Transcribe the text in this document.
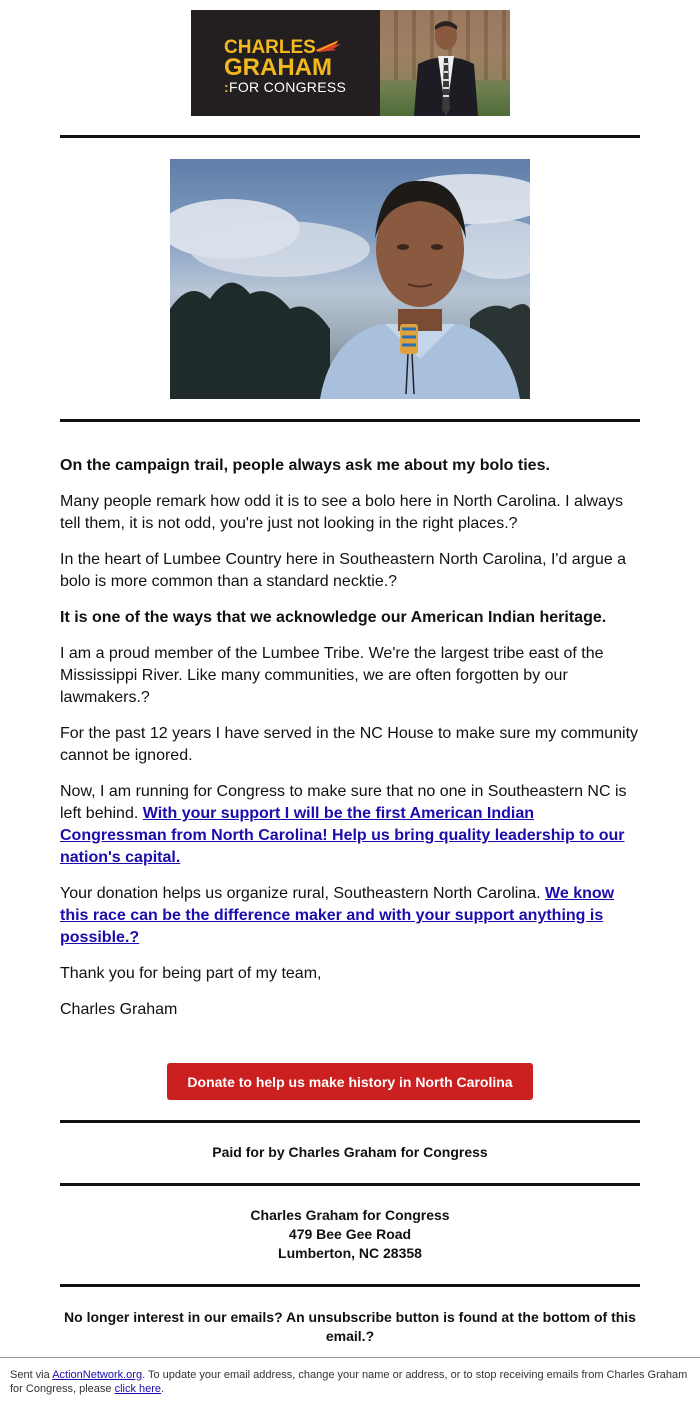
CHARLES
GRAHAM
:FOR CONGRESS

On the campaign trail, people always ask me about my bolo ties.

Many people remark how odd it is to see a bolo here in North Carolina. I always tell them, it is not odd, you're just not looking in the right places.?

In the heart of Lumbee Country here in Southeastern North Carolina, I'd argue a bolo is more common than a standard necktie.?

It is one of the ways that we acknowledge our American Indian heritage.

I am a proud member of the Lumbee Tribe. We're the largest tribe east of the Mississippi River. Like many communities, we are often forgotten by our lawmakers.?

For the past 12 years I have served in the NC House to make sure my community cannot be ignored.

Now, I am running for Congress to make sure that no one in Southeastern NC is left behind. With your support I will be the first American Indian Congressman from North Carolina! Help us bring quality leadership to our nation's capital.

Your donation helps us organize rural, Southeastern North Carolina. We know this race can be the difference maker and with your support anything is possible.?

Thank you for being part of my team,

Charles Graham

Donate to help us make history in North Carolina
Paid for by Charles Graham for Congress
Charles Graham for Congress
479 Bee Gee Road
Lumberton, NC 28358
No longer interest in our emails? An unsubscribe button is found at the bottom of this email.?
Sent via ActionNetwork.org. To update your email address, change your name or address, or to stop receiving emails from Charles Graham for Congress, please click here.
